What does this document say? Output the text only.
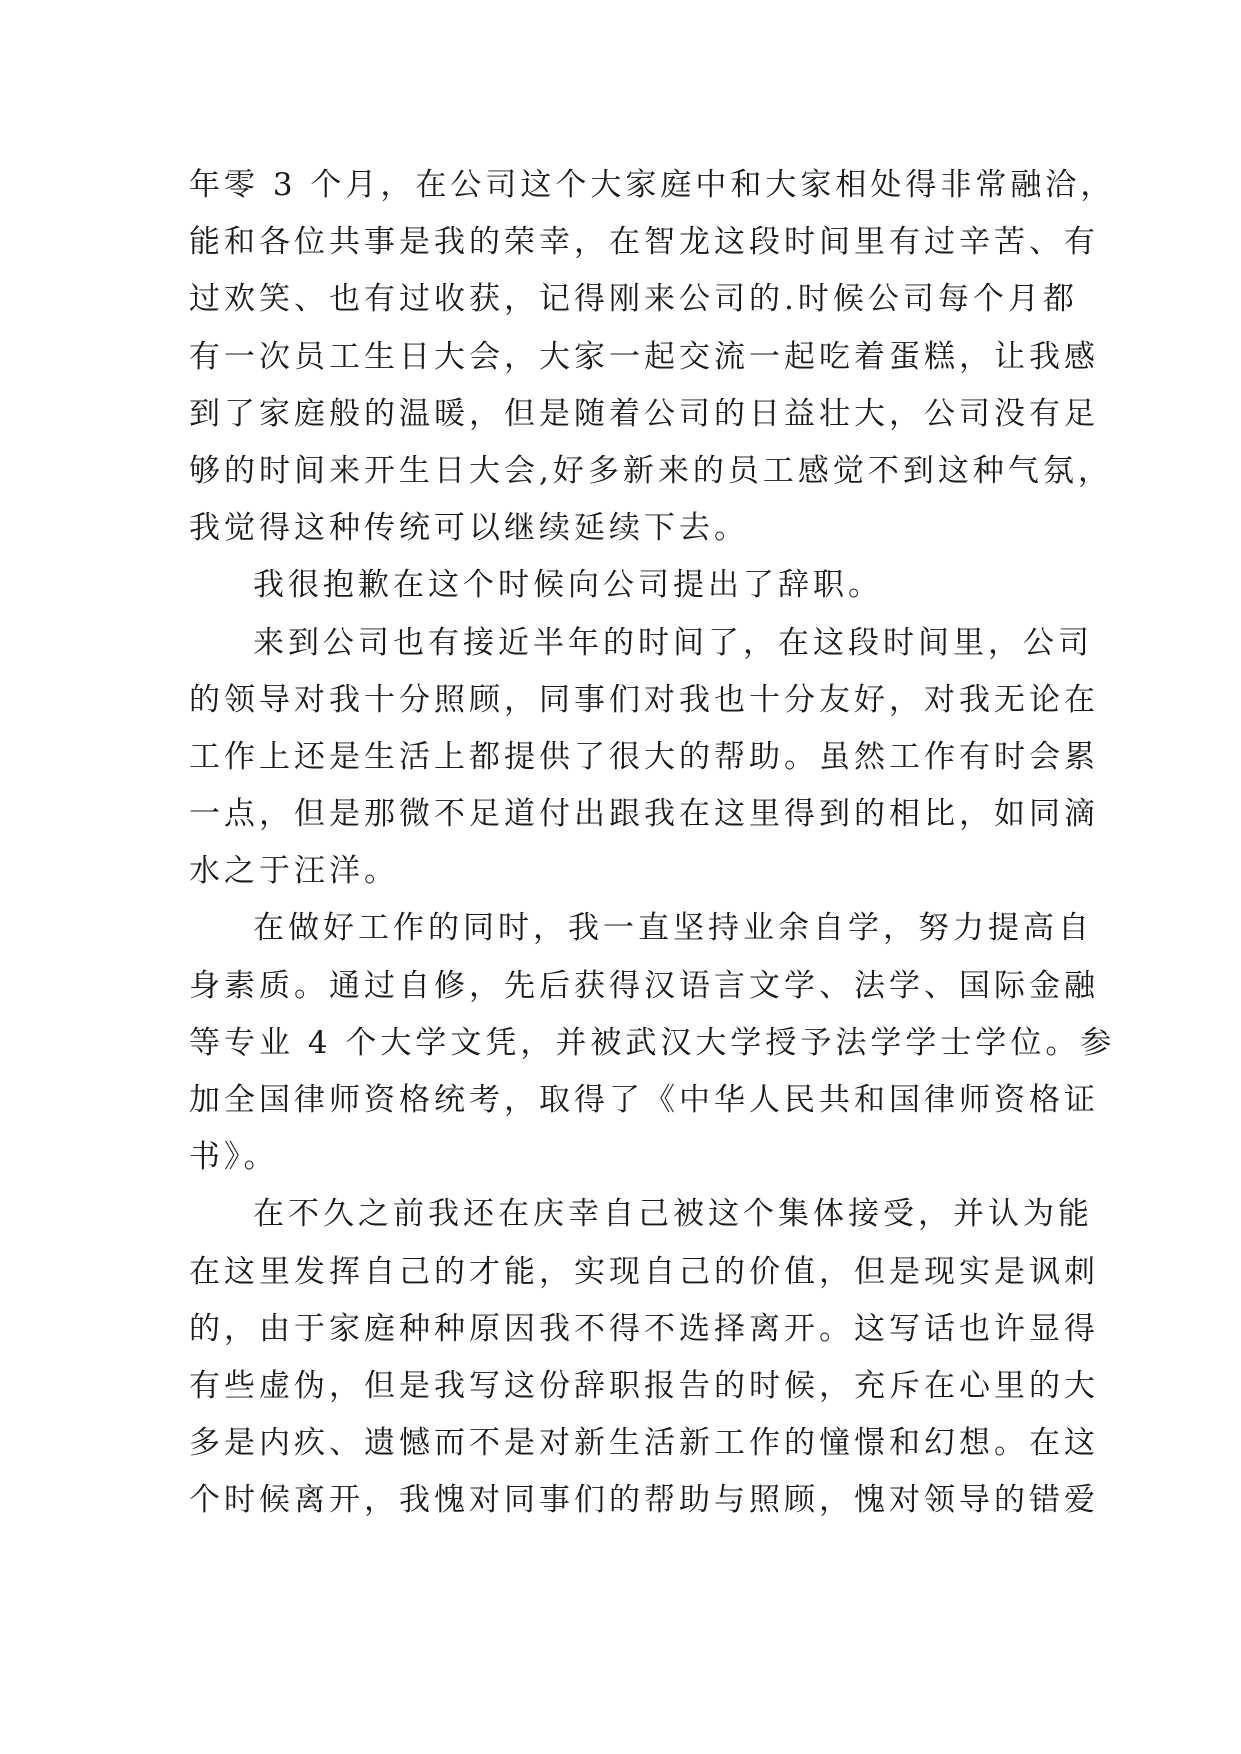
年零 3 个月，在公司这个大家庭中和大家相处得非常融洽，
能和各位共事是我的荣幸，在智龙这段时间里有过辛苦、有
过欢笑、也有过收获，记得刚来公司的.时候公司每个月都
有一次员工生日大会，大家一起交流一起吃着蛋糕，让我感
到了家庭般的温暖，但是随着公司的日益壮大，公司没有足
够的时间来开生日大会,好多新来的员工感觉不到这种气氛，
我觉得这种传统可以继续延续下去。
我很抱歉在这个时候向公司提出了辞职。
来到公司也有接近半年的时间了，在这段时间里，公司
的领导对我十分照顾，同事们对我也十分友好，对我无论在
工作上还是生活上都提供了很大的帮助。虽然工作有时会累
一点，但是那微不足道付出跟我在这里得到的相比，如同滴
水之于汪洋。
在做好工作的同时，我一直坚持业余自学，努力提高自
身素质。通过自修，先后获得汉语言文学、法学、国际金融
等专业 4 个大学文凭，并被武汉大学授予法学学士学位。参
加全国律师资格统考，取得了《中华人民共和国律师资格证
书》。
在不久之前我还在庆幸自己被这个集体接受，并认为能
在这里发挥自己的才能，实现自己的价值，但是现实是讽刺
的，由于家庭种种原因我不得不选择离开。这写话也许显得
有些虚伪，但是我写这份辞职报告的时候，充斥在心里的大
多是内疚、遗憾而不是对新生活新工作的憧憬和幻想。在这
个时候离开，我愧对同事们的帮助与照顾，愧对领导的错爱
